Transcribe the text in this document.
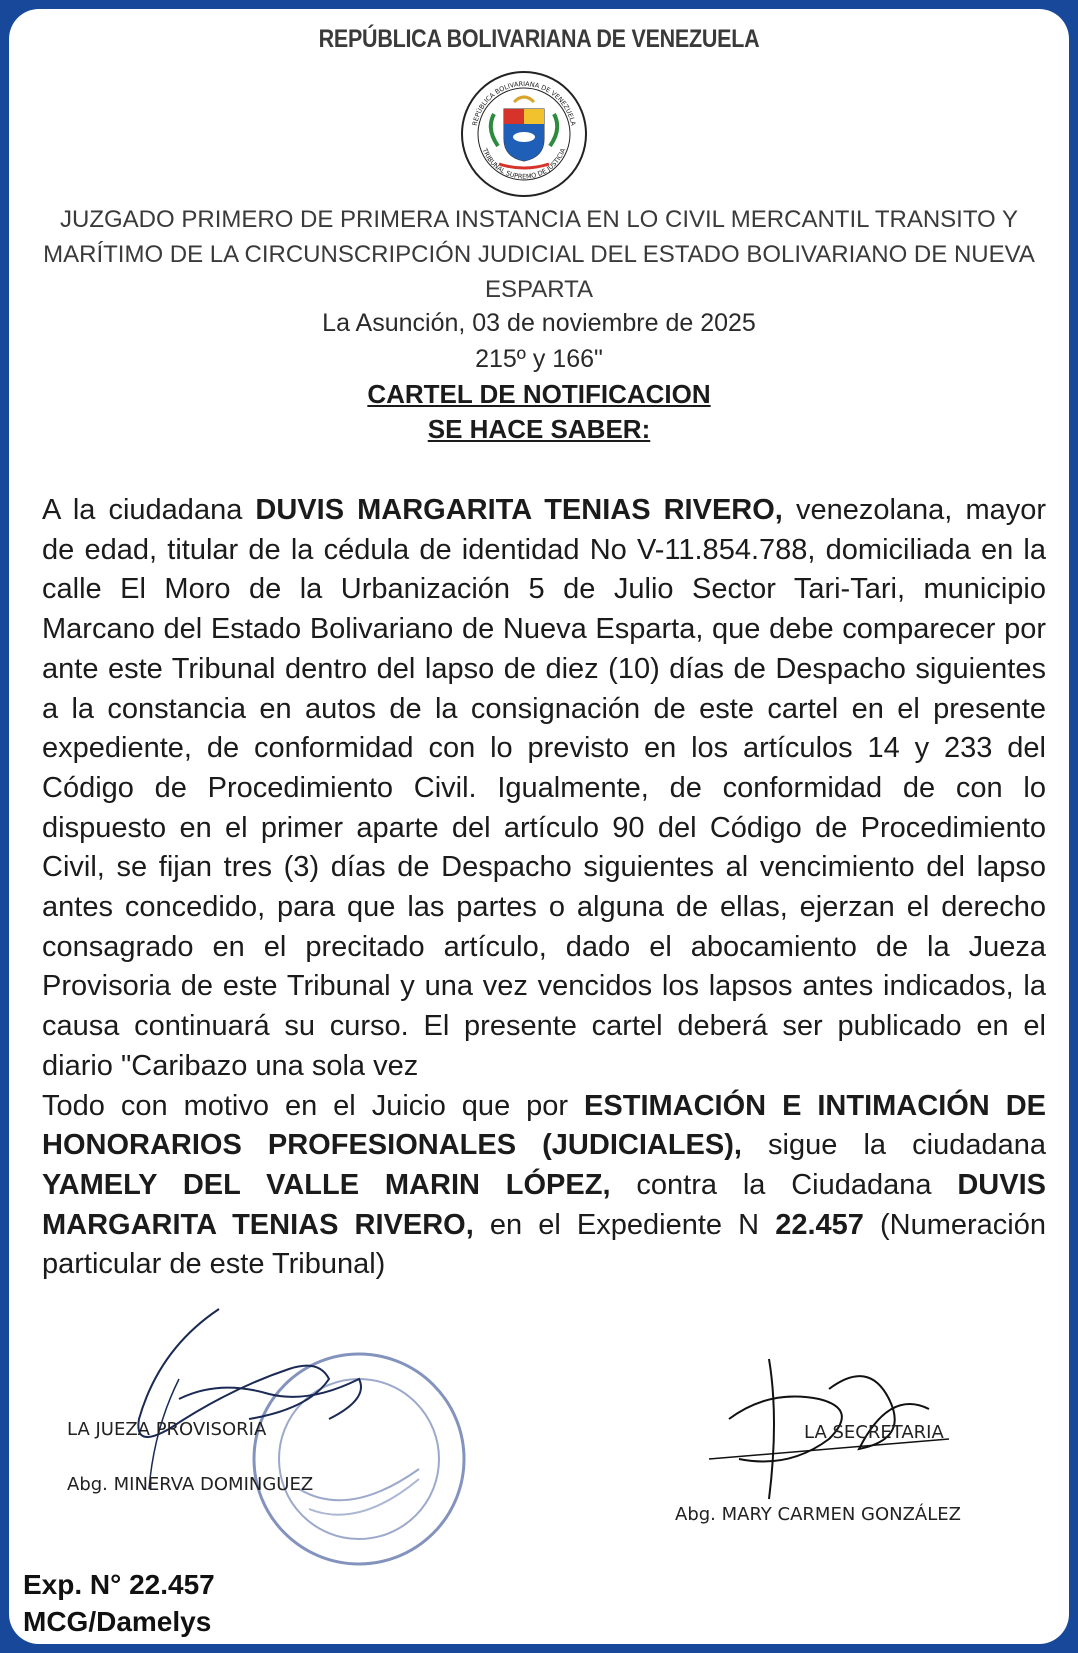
REPÚBLICA BOLIVARIANA DE VENEZUELA
REPÚBLICA BOLIVARIANA DE VENEZUELA
TRIBUNAL SUPREMO DE JUSTICIA
JUZGADO PRIMERO DE PRIMERA INSTANCIA EN LO CIVIL MERCANTIL TRANSITO Y
MARÍTIMO DE LA CIRCUNSCRIPCIÓN JUDICIAL DEL ESTADO BOLIVARIANO DE NUEVA
ESPARTA
La Asunción, 03 de noviembre de 2025
215º y 166"
CARTEL DE NOTIFICACION
SE HACE SABER:

A la ciudadana DUVIS MARGARITA TENIAS RIVERO, venezolana, mayor de edad, titular de la cédula de identidad No V-11.854.788, domiciliada en la calle El Moro de la Urbanización 5 de Julio Sector Tari-Tari, municipio Marcano del Estado Bolivariano de Nueva Esparta, que debe comparecer por ante este Tribunal dentro del lapso de diez (10) días de Despacho siguientes a la constancia en autos de la consignación de este cartel en el presente expediente, de conformidad con lo previsto en los artículos 14 y 233 del Código de Procedimiento Civil. Igualmente, de conformidad de con lo dispuesto en el primer aparte del artículo 90 del Código de Procedimiento Civil, se fijan tres (3) días de Despacho siguientes al vencimiento del lapso antes concedido, para que las partes o alguna de ellas, ejerzan el derecho consagrado en el precitado artículo, dado el abocamiento de la Jueza Provisoria de este Tribunal y una vez vencidos los lapsos antes indicados, la causa continuará su curso. El presente cartel deberá ser publicado en el diario "Caribazo una sola vez

Todo con motivo en el Juicio que por ESTIMACIÓN E INTIMACIÓN DE HONORARIOS PROFESIONALES (JUDICIALES), sigue la ciudadana YAMELY DEL VALLE MARIN LÓPEZ, contra la Ciudadana DUVIS MARGARITA TENIAS RIVERO, en el Expediente N 22.457 (Numeración particular de este Tribunal)

LA JUEZA PROVISORIA
Abg. MINERVA DOMINGUEZ
LA SECRETARIA
Abg. MARY CARMEN GONZÁLEZ
Exp. N° 22.457
MCG/Damelys
